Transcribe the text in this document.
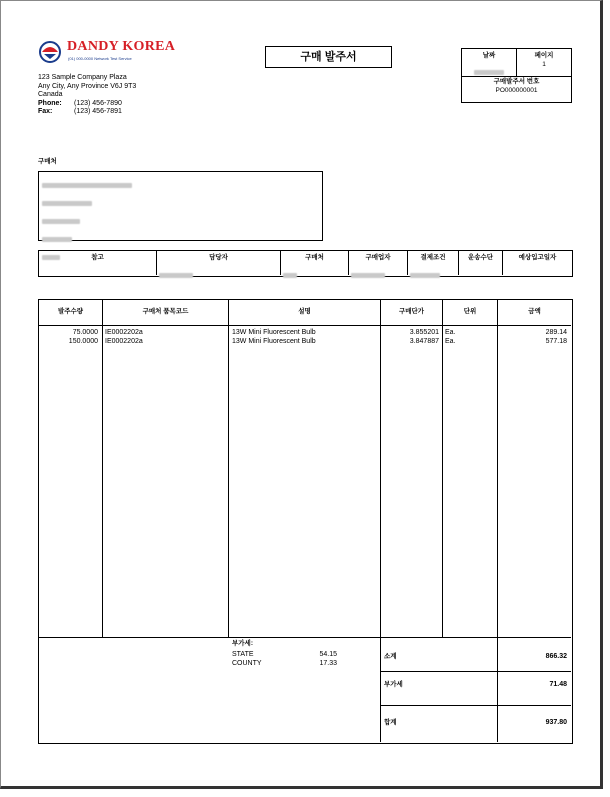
DANDY KOREA
(01) 000-0000 Network Test Service
123 Sample Company Plaza
Any City, Any Province V6J 9T3
Canada
Phone: (123) 456-7890
Fax:	(123) 456-7891
구매 발주서	날짜	페이지
1
구매발주서 번호
PO000000001
구매처
참고	담당자	구매처	구매업자	결제조건	운송수단	예상입고일자
발주수량	구매처 품목코드	설명	구매단가	단위	금액
75.0000 IE0002202a	13W Mini Fluorescent Bulb	3.855201 Ea.	289.14
150.0000 IE0002202a	13W Mini Fluorescent Bulb	3.847887 Ea.	577.18
부가세:
STATE	54.15
COUNTY	17.33
소계	866.32
부가세	71.48
합계	937.80
